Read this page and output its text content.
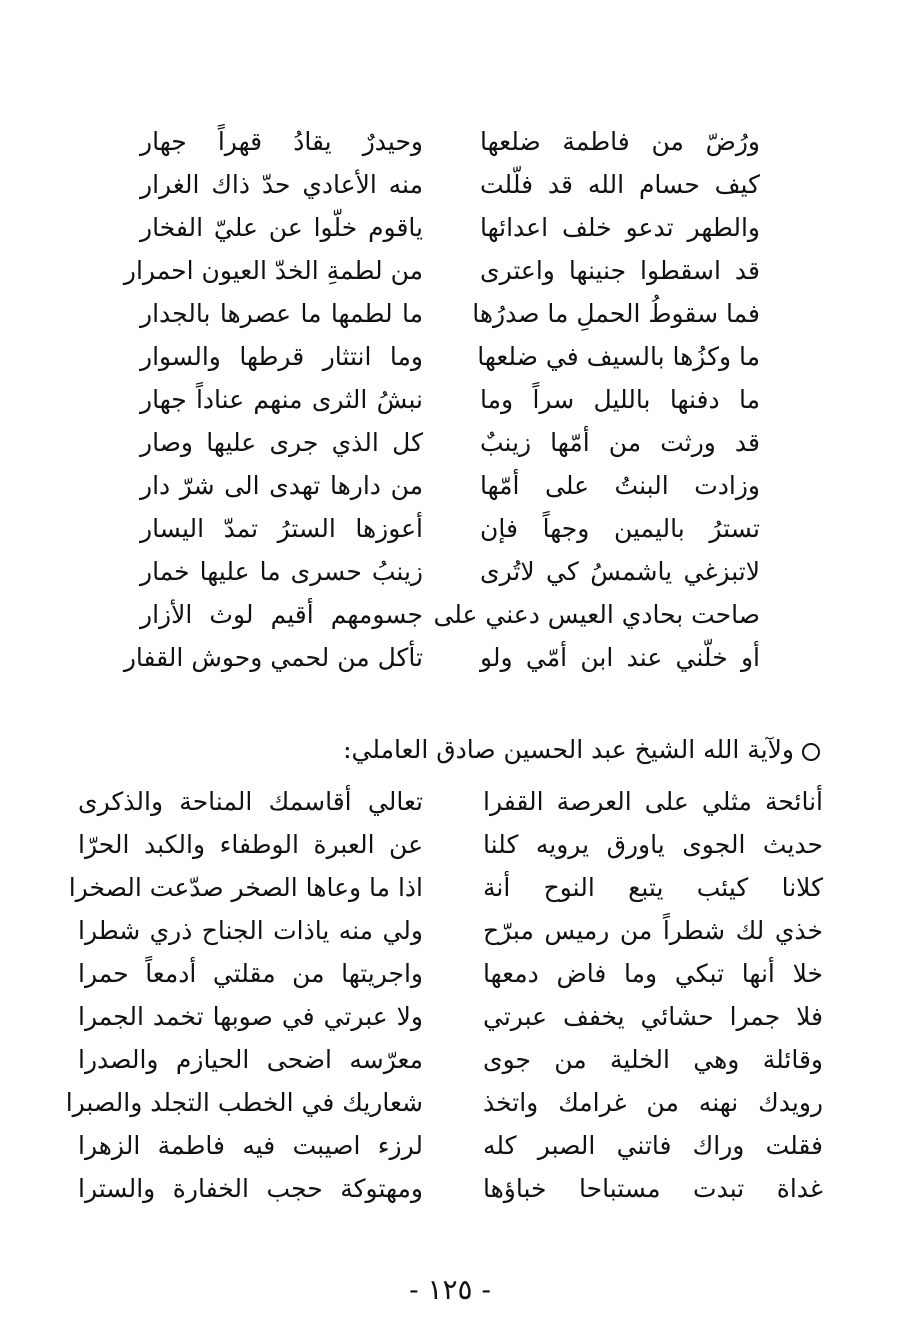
ورُضّ من فاطمة ضلعها
وحيدرٌ يقادُ قهراً جهار
كيف حسام الله قد فلّلت
منه الأعادي حدّ ذاك الغرار
والطهر تدعو خلف اعدائها
ياقوم خلّوا عن عليّ الفخار
قد اسقطوا جنينها واعترى
من لطمةِ الخدّ العيون احمرار
فما سقوطُ الحملِ ما صدرُها
ما لطمها ما عصرها بالجدار
ما وكزُها بالسيف في ضلعها
وما انتثار قرطها والسوار
ما دفنها بالليل سراً وما
نبشُ الثرى منهم عناداً جهار
قد ورثت من أمّها زينبٌ
كل الذي جرى عليها وصار
وزادت البنتُ على أمّها
من دارها تهدى الى شرّ دار
تسترُ باليمين وجهاً فإن
أعوزها السترُ تمدّ اليسار
لاتبزغي ياشمسُ كي لاتُرى
زينبُ حسرى ما عليها خمار
صاحت بحادي العيس دعني على
جسومهم أقيم لوث الأزار
أو خلّني عند ابن أمّي ولو
تأكل من لحمي وحوش القفار
ولآية الله الشيخ عبد الحسين صادق العاملي:
أنائحة مثلي على العرصة القفرا
تعالي أقاسمك المناحة والذكرى
حديث الجوى ياورق يرويه كلنا
عن العبرة الوطفاء والكبد الحرّا
كلانا كيئب يتبع النوح أنة
اذا ما وعاها الصخر صدّعت الصخرا
خذي لك شطراً من رميس مبرّح
ولي منه ياذات الجناح ذري شطرا
خلا أنها تبكي وما فاض دمعها
واجريتها من مقلتي أدمعاً حمرا
فلا جمرا حشائي يخفف عبرتي
ولا عبرتي في صوبها تخمد الجمرا
وقائلة وهي الخلية من جوى
معرّسه اضحى الحيازم والصدرا
رويدك نهنه من غرامك واتخذ
شعاريك في الخطب التجلد والصبرا
فقلت وراك فاتني الصبر كله
لرزء اصيبت فيه فاطمة الزهرا
غداة تبدت مستباحا خباؤها
ومهتوكة حجب الخفارة والسترا
- ١٢٥ -
